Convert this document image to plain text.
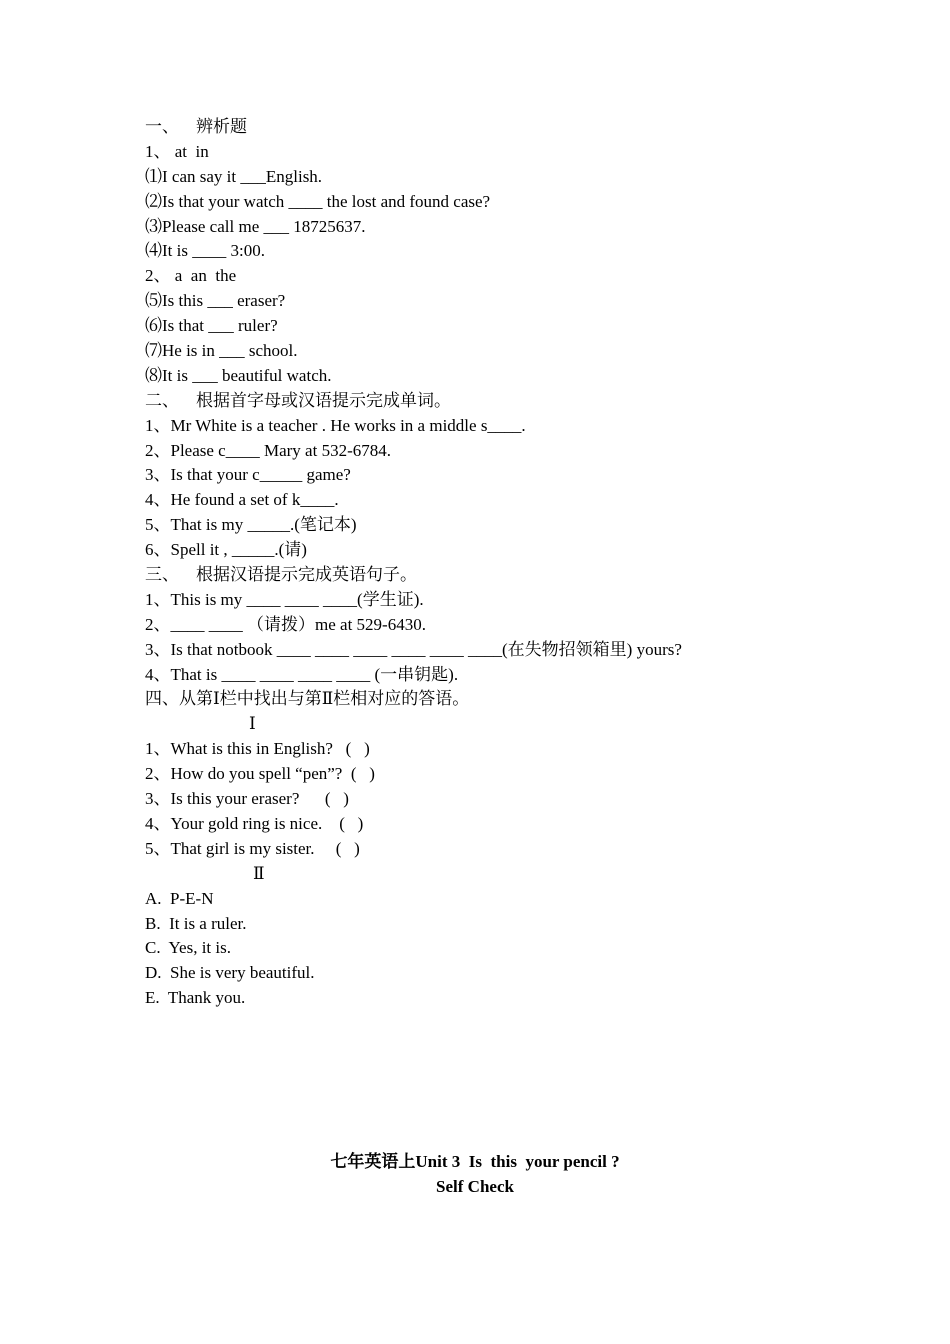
一、    辨析题
1、 at  in
⑴I can say it ___English.
⑵Is that your watch ____ the lost and found case?
⑶Please call me ___ 18725637.
⑷It is ____ 3:00.
2、 a  an  the
⑸Is this ___ eraser?
⑹Is that ___ ruler?
⑺He is in ___ school.
⑻It is ___ beautiful watch.
二、    根据首字母或汉语提示完成单词。
1、Mr White is a teacher . He works in a middle s____.
2、Please c____ Mary at 532-6784.
3、Is that your c_____ game?
4、He found a set of k____.
5、That is my _____.(笔记本)
6、Spell it , _____.(请)
三、    根据汉语提示完成英语句子。
1、This is my ____ ____ ____(学生证).
2、____ ____ （请拨）me at 529-6430.
3、Is that notbook ____ ____ ____ ____ ____ ____(在失物招领箱里) yours?
4、That is ____ ____ ____ ____ (一串钥匙).
四、从第Ⅰ栏中找出与第Ⅱ栏相对应的答语。
Ⅰ
1、What is this in English?   (   )
2、How do you spell “pen”?  (   )
3、Is this your eraser?      (   )
4、Your gold ring is nice.    (   )
5、That girl is my sister.     (   )
Ⅱ
A.  P-E-N
B.  It is a ruler.
C.  Yes, it is.
D.  She is very beautiful.
E.  Thank you.
七年英语上Unit 3  Is  this  your pencil ?
Self Check
